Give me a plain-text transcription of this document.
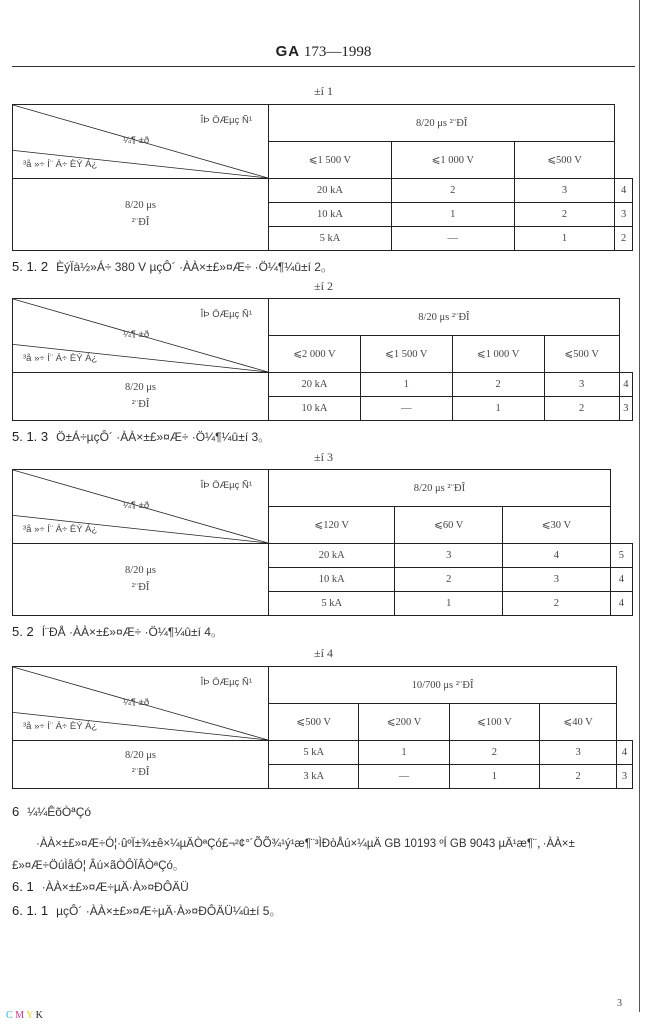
GA 173—1998
±í 1
ÎÞ ÖÆµç Ñ¹
¼¶ ±ð
³å »÷ Í¨ Á÷ ÈÝ Á¿	8/20 μs ²¨ÐÎ			
	⩽1 500 V	⩽1 000 V	⩽500 V	

8/20 μs
²¨ÐÎ	20 kA	2	3	4
	10 kA	1	2	3
	5 kA	—	1	2
5. 1. 2 ÈýÏà½»Á÷ 380 V µçÔ´ ·ÀÀ×±£»¤Æ÷ ·Ö¼¶¼û±í 2。
±í 2
ÎÞ ÖÆµç Ñ¹
¼¶ ±ð
³å »÷ Í¨ Á÷ ÈÝ Á¿	8/20 μs ²¨ÐÎ				
	⩽2 000 V	⩽1 500 V	⩽1 000 V	⩽500 V	

8/20 μs
²¨ÐÎ	20 kA	1	2	3	4
	10 kA	—	1	2	3
5. 1. 3 Ö±Á÷µçÔ´ ·ÀÀ×±£»¤Æ÷ ·Ö¼¶¼û±í 3。
±í 3
ÎÞ ÖÆµç Ñ¹
¼¶ ±ð
³å »÷ Í¨ Á÷ ÈÝ Á¿	8/20 μs ²¨ÐÎ			
	⩽120 V	⩽60 V	⩽30 V	

8/20 μs
²¨ÐÎ	20 kA	3	4	5
	10 kA	2	3	4
	5 kA	1	2	4
5. 2 Í¨ÐÅ ·ÀÀ×±£»¤Æ÷ ·Ö¼¶¼û±í 4。
±í 4
ÎÞ ÖÆµç Ñ¹
¼¶ ±ð
³å »÷ Í¨ Á÷ ÈÝ Á¿	10/700 μs ²¨ÐÎ				
	⩽500 V	⩽200 V	⩽100 V	⩽40 V	

8/20 μs
²¨ÐÎ	5 kA	1	2	3	4
	3 kA	—	1	2	3
6 ¼¼ÊõÒªÇó
·ÀÀ×±£»¤Æ÷Ó¦·ûºÏ±¾±ê×¼µÄÒªÇó£¬²¢°´ÕÕ¾¹ý¹æ¶¨³ÌÐòÅú×¼µÄ GB 10193 ºÍ GB 9043 µÄ¹æ¶¨，·ÀÀ×±£»¤Æ÷ÖúÌåÓ¦ Âú×ãÒÔÏÂÒªÇó。
6. 1 ·ÀÀ×±£»¤Æ÷µÄ·À»¤ÐÔÄÜ
6. 1. 1 µçÔ´ ·ÀÀ×±£»¤Æ÷µÄ·À»¤ÐÔÄÜ¼û±í 5。
3
C M Y K
